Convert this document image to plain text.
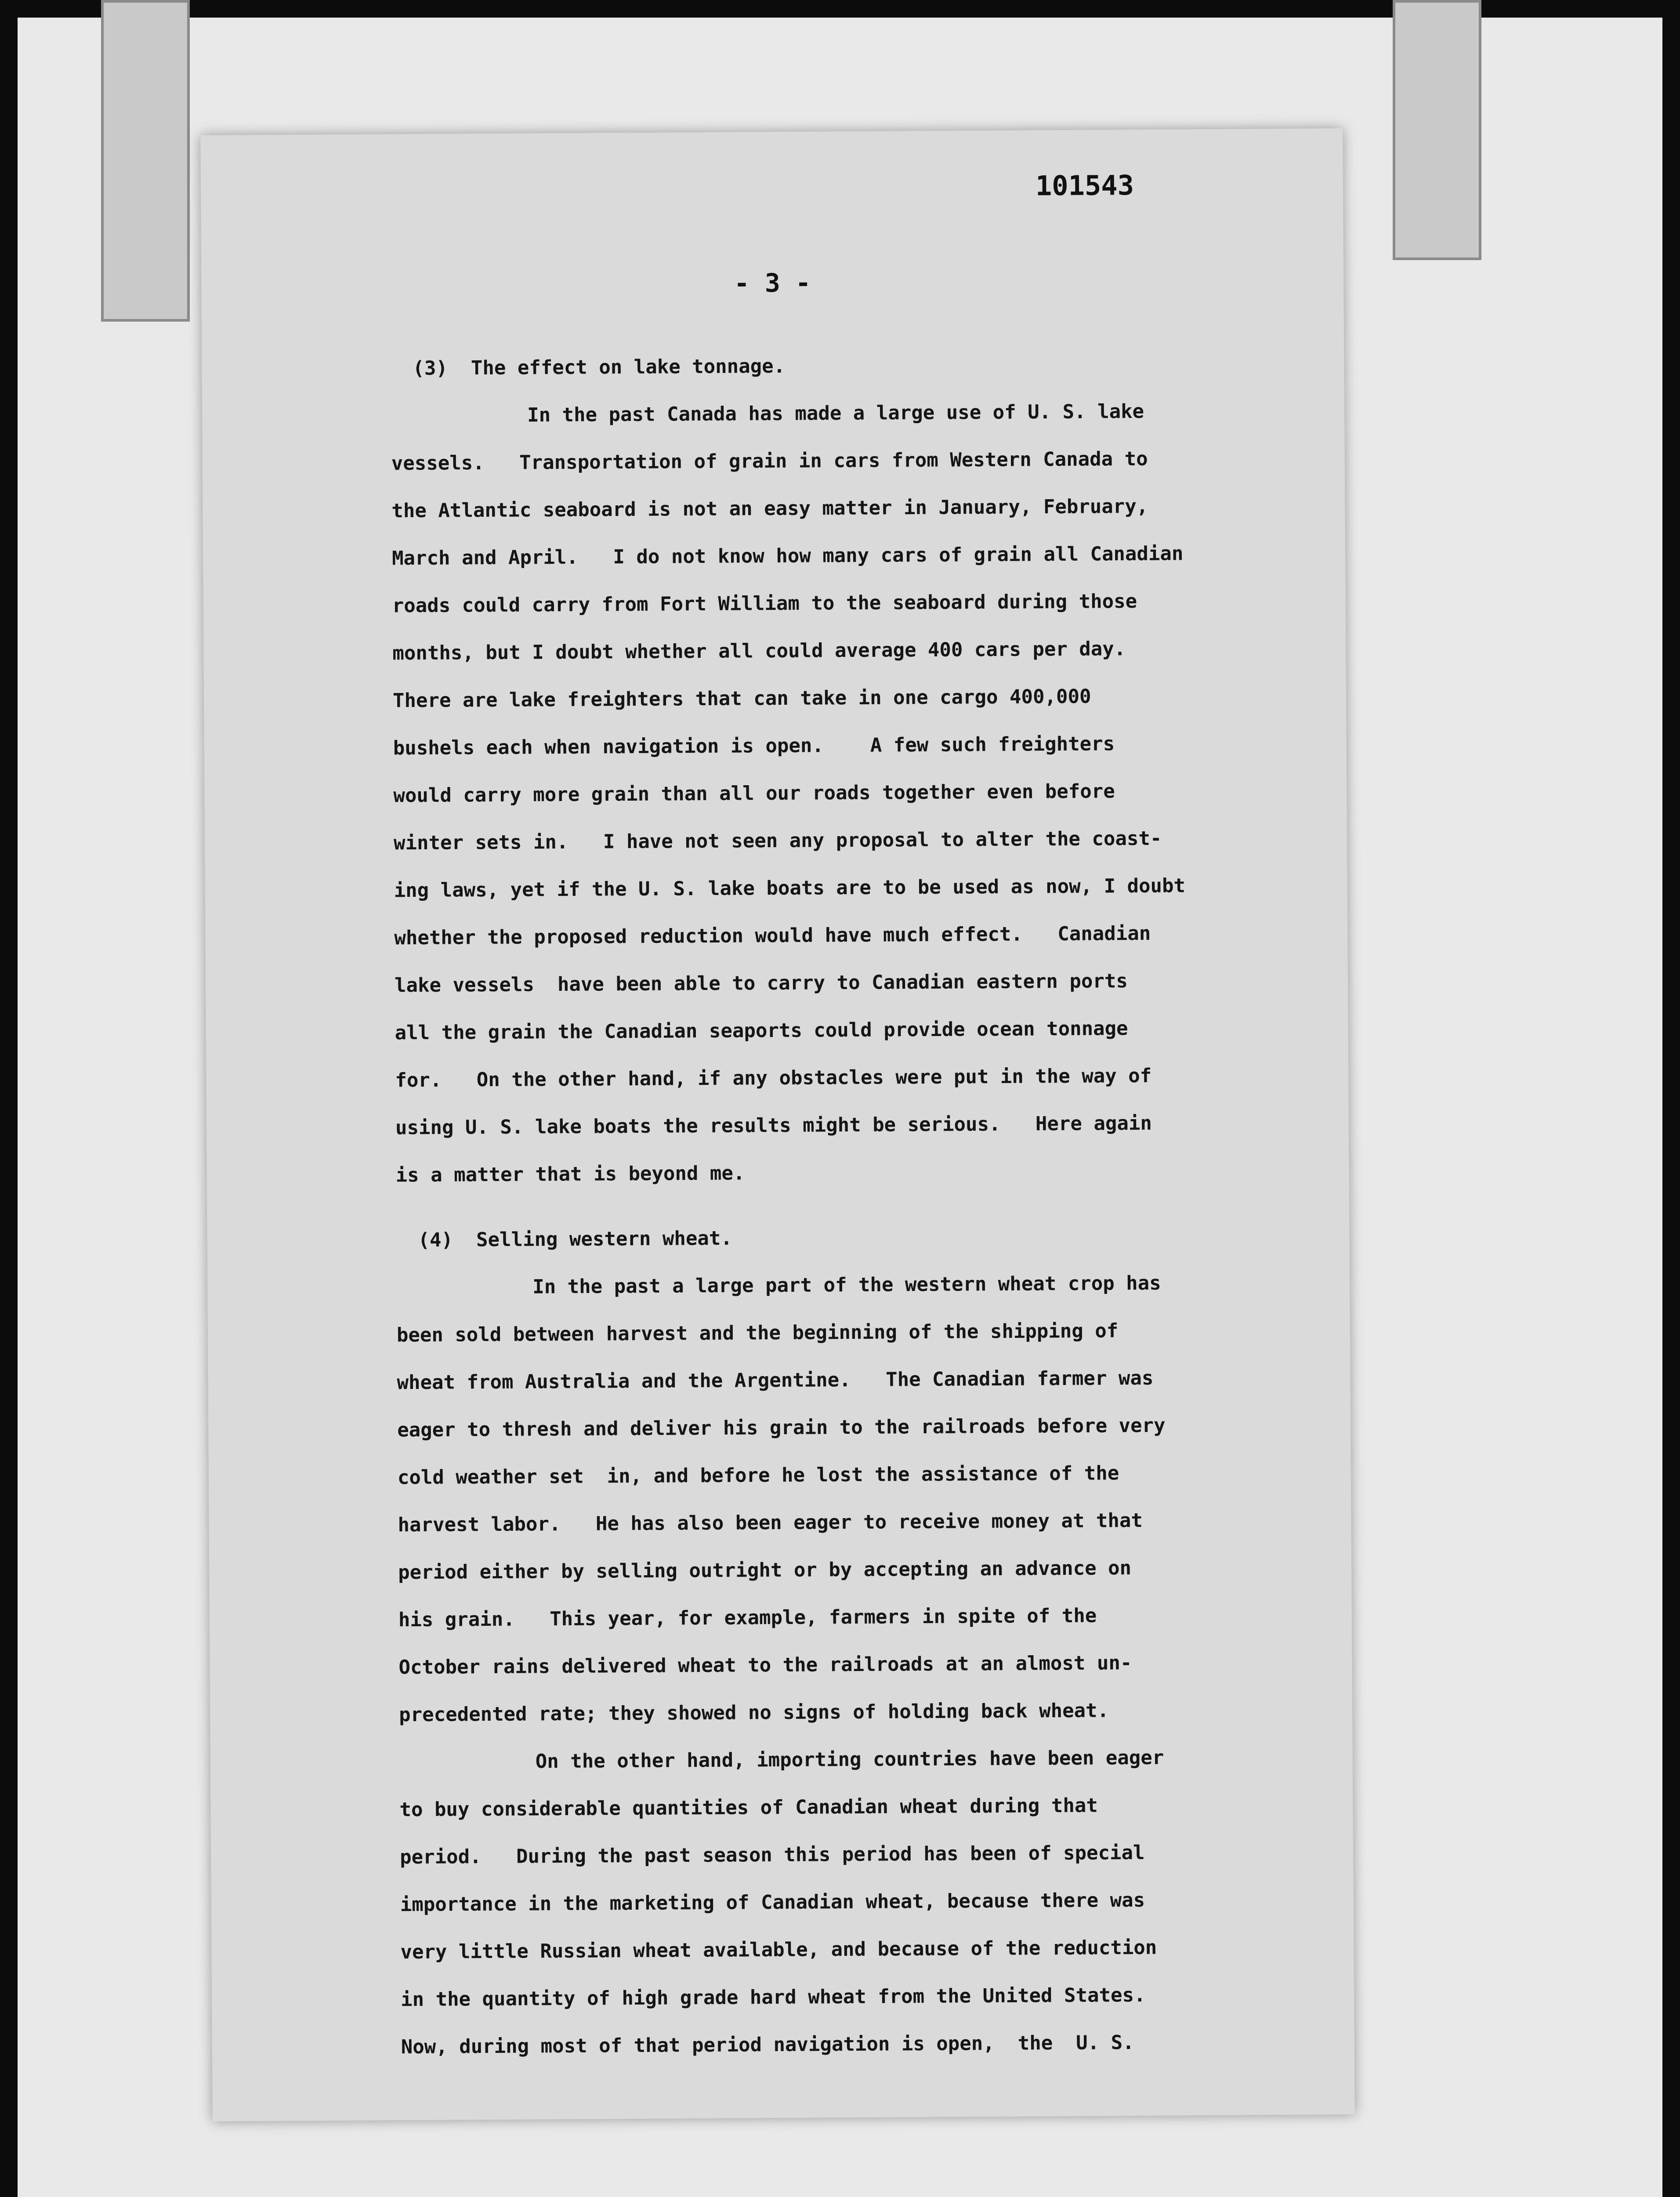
101543
- 3 -
(3)  The effect on lake tonnage.
In the past Canada has made a large use of U. S. lake
vessels.   Transportation of grain in cars from Western Canada to
the Atlantic seaboard is not an easy matter in January, February,
March and April.   I do not know how many cars of grain all Canadian
roads could carry from Fort William to the seaboard during those
months, but I doubt whether all could average 400 cars per day.
There are lake freighters that can take in one cargo 400,000
bushels each when navigation is open.    A few such freighters
would carry more grain than all our roads together even before
winter sets in.   I have not seen any proposal to alter the coast-
ing laws, yet if the U. S. lake boats are to be used as now, I doubt
whether the proposed reduction would have much effect.   Canadian
lake vessels  have been able to carry to Canadian eastern ports
all the grain the Canadian seaports could provide ocean tonnage
for.   On the other hand, if any obstacles were put in the way of
using U. S. lake boats the results might be serious.   Here again
is a matter that is beyond me.
(4)  Selling western wheat.
In the past a large part of the western wheat crop has
been sold between harvest and the beginning of the shipping of
wheat from Australia and the Argentine.   The Canadian farmer was
eager to thresh and deliver his grain to the railroads before very
cold weather set  in, and before he lost the assistance of the
harvest labor.   He has also been eager to receive money at that
period either by selling outright or by accepting an advance on
his grain.   This year, for example, farmers in spite of the
October rains delivered wheat to the railroads at an almost un-
precedented rate; they showed no signs of holding back wheat.
On the other hand, importing countries have been eager
to buy considerable quantities of Canadian wheat during that
period.   During the past season this period has been of special
importance in the marketing of Canadian wheat, because there was
very little Russian wheat available, and because of the reduction
in the quantity of high grade hard wheat from the United States.
Now, during most of that period navigation is open,  the  U. S.
